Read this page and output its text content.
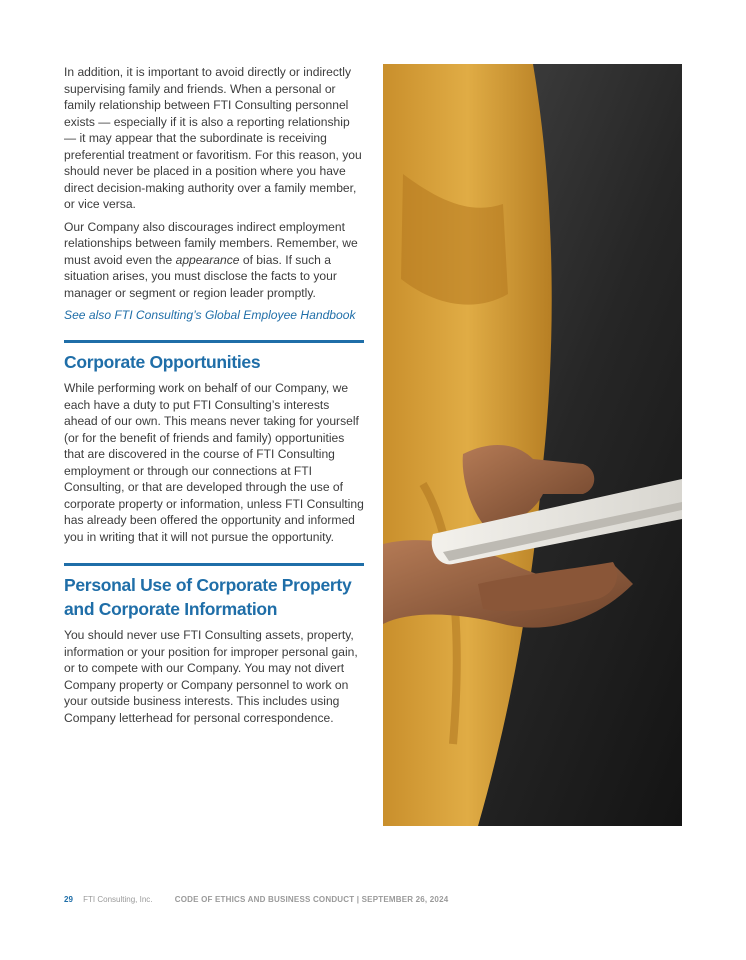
In addition, it is important to avoid directly or indirectly supervising family and friends. When a personal or family relationship between FTI Consulting personnel exists — especially if it is also a reporting relationship — it may appear that the subordinate is receiving preferential treatment or favoritism. For this reason, you should never be placed in a position where you have direct decision-making authority over a family member, or vice versa.

Our Company also discourages indirect employment relationships between family members. Remember, we must avoid even the appearance of bias. If such a situation arises, you must disclose the facts to your manager or segment or region leader promptly.

See also FTI Consulting’s Global Employee Handbook

Corporate Opportunities

While performing work on behalf of our Company, we each have a duty to put FTI Consulting’s interests ahead of our own. This means never taking for yourself (or for the benefit of friends and family) opportunities that are discovered in the course of FTI Consulting employment or through our connections at FTI Consulting, or that are developed through the use of corporate property or information, unless FTI Consulting has already been offered the opportunity and informed you in writing that it will not pursue the opportunity.

Personal Use of Corporate Property and Corporate Information

You should never use FTI Consulting assets, property, information or your position for improper personal gain, or to compete with our Company. You may not divert Company property or Company personnel to work on your outside business interests. This includes using Company letterhead for personal correspondence.

29 FTI Consulting, Inc.	CODE OF ETHICS AND BUSINESS CONDUCT | SEPTEMBER 26, 2024
